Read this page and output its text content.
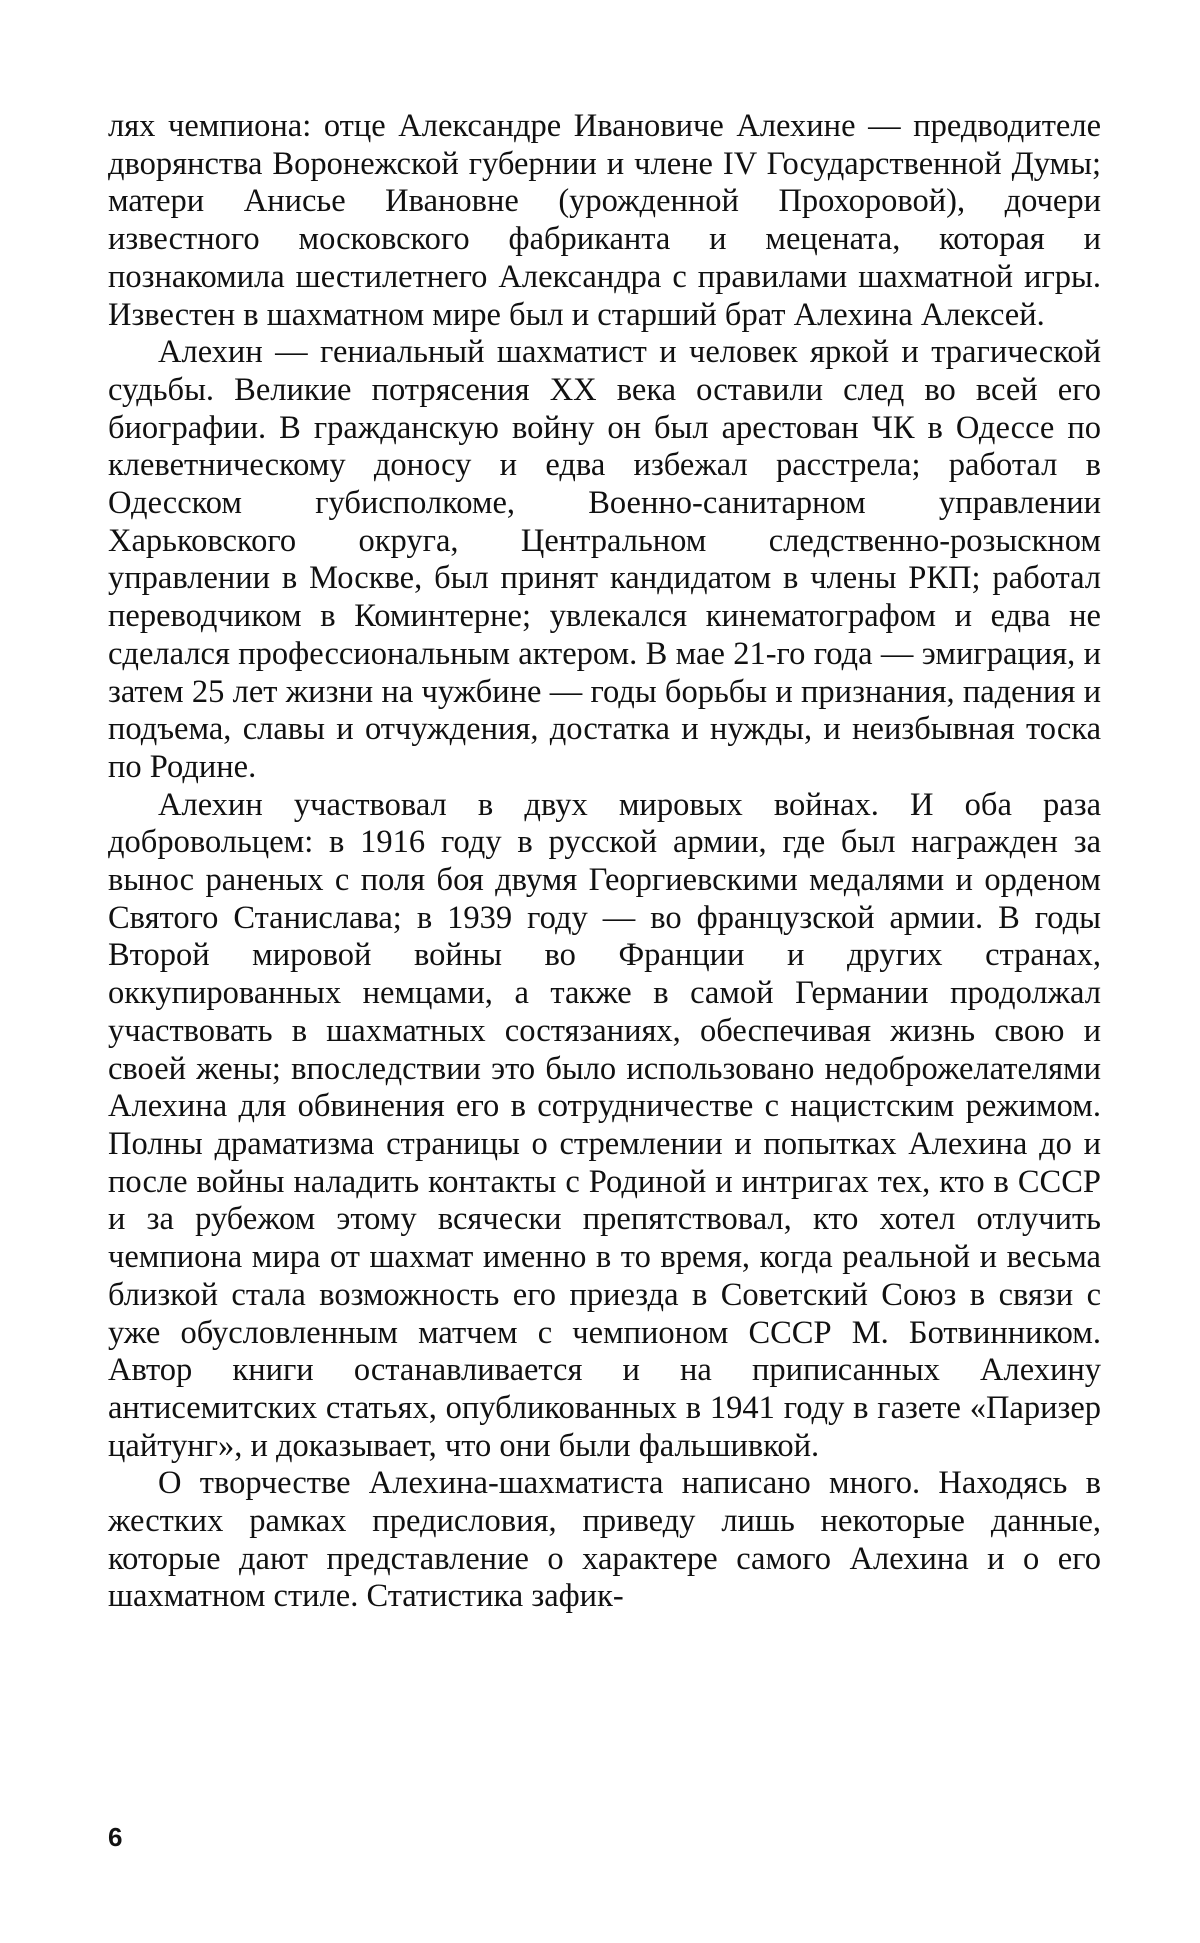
лях чемпиона: отце Александре Ивановиче Алехине — предводителе дворянства Воронежской губернии и члене IV Государственной Думы; матери Анисье Ивановне (урожденной Прохоровой), дочери известного московского фабриканта и мецената, которая и познакомила шестилетнего Александра с правилами шахматной игры. Известен в шахматном мире был и старший брат Алехина Алексей.

Алехин — гениальный шахматист и человек яркой и трагической судьбы. Великие потрясения XX века оставили след во всей его биографии. В гражданскую войну он был арестован ЧК в Одессе по клеветническому доносу и едва избежал расстрела; работал в Одесском губисполкоме, Военно-санитарном управлении Харьковского округа, Центральном следственно-розыскном управлении в Москве, был принят кандидатом в члены РКП; работал переводчиком в Коминтерне; увлекался кинематографом и едва не сделался профессиональным актером. В мае 21-го года — эмиграция, и затем 25 лет жизни на чужбине — годы борьбы и признания, падения и подъема, славы и отчуждения, достатка и нужды, и неизбывная тоска по Родине.

Алехин участвовал в двух мировых войнах. И оба раза добровольцем: в 1916 году в русской армии, где был награжден за вынос раненых с поля боя двумя Георгиевскими медалями и орденом Святого Станислава; в 1939 году — во французской армии. В годы Второй мировой войны во Франции и других странах, оккупированных немцами, а также в самой Германии продолжал участвовать в шахматных состязаниях, обеспечивая жизнь свою и своей жены; впоследствии это было использовано недоброжелателями Алехина для обвинения его в сотрудничестве с нацистским режимом. Полны драматизма страницы о стремлении и попытках Алехина до и после войны наладить контакты с Родиной и интригах тех, кто в СССР и за рубежом этому всячески препятствовал, кто хотел отлучить чемпиона мира от шахмат именно в то время, когда реальной и весьма близкой стала возможность его приезда в Советский Союз в связи с уже обусловленным матчем с чемпионом СССР М. Ботвинником. Автор книги останавливается и на приписанных Алехину антисемитских статьях, опубликованных в 1941 году в газете «Паризер цайтунг», и доказывает, что они были фальшивкой.

О творчестве Алехина-шахматиста написано много. Находясь в жестких рамках предисловия, приведу лишь некоторые данные, которые дают представление о характере самого Алехина и о его шахматном стиле. Статистика зафик-

6
